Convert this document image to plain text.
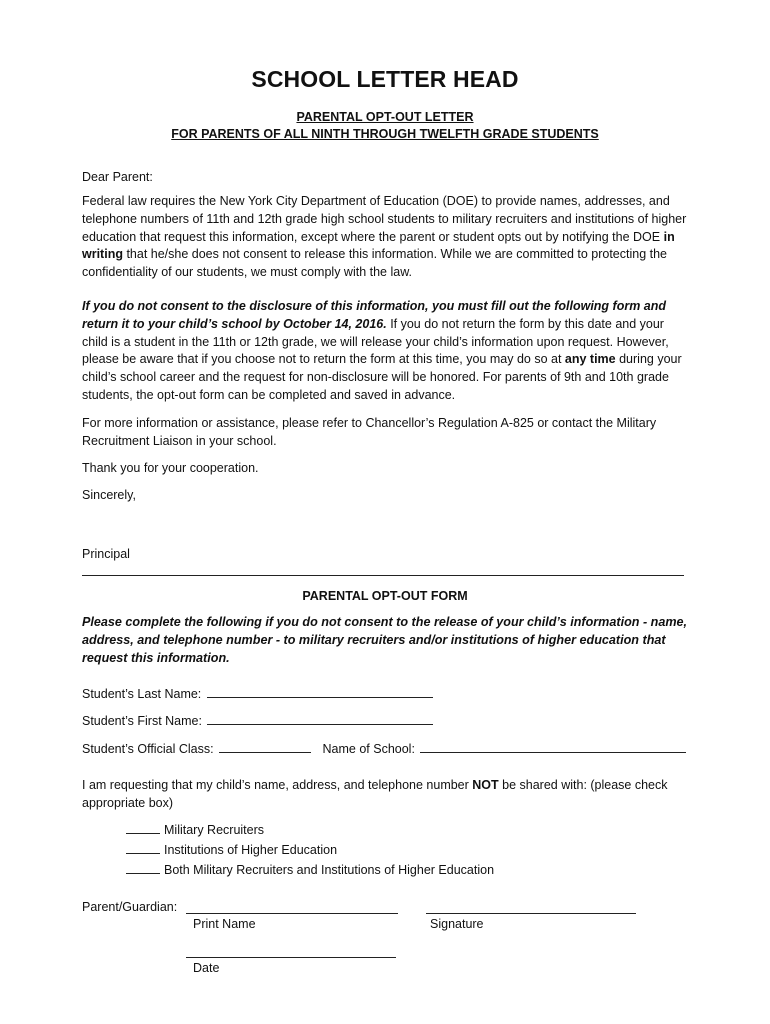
SCHOOL LETTER HEAD
PARENTAL OPT-OUT LETTER
FOR PARENTS OF ALL NINTH THROUGH TWELFTH GRADE STUDENTS
Dear Parent:
Federal law requires the New York City Department of Education (DOE) to provide names, addresses, and telephone numbers of 11th and 12th grade high school students to military recruiters and institutions of higher education that request this information, except where the parent or student opts out by notifying the DOE in writing that he/she does not consent to release this information. While we are committed to protecting the confidentiality of our students, we must comply with the law.
If you do not consent to the disclosure of this information, you must fill out the following form and return it to your child’s school by October 14, 2016. If you do not return the form by this date and your child is a student in the 11th or 12th grade, we will release your child’s information upon request. However, please be aware that if you choose not to return the form at this time, you may do so at any time during your child’s school career and the request for non-disclosure will be honored. For parents of 9th and 10th grade students, the opt-out form can be completed and saved in advance.
For more information or assistance, please refer to Chancellor’s Regulation A-825 or contact the Military Recruitment Liaison in your school.
Thank you for your cooperation.
Sincerely,
Principal
PARENTAL OPT-OUT FORM
Please complete the following if you do not consent to the release of your child’s information - name, address, and telephone number - to military recruiters and/or institutions of higher education that request this information.
Student’s Last Name:
Student’s First Name:
Student’s Official Class:	Name of School:
I am requesting that my child’s name, address, and telephone number NOT be shared with: (please check appropriate box)
Military Recruiters
Institutions of Higher Education
Both Military Recruiters and Institutions of Higher Education
Parent/Guardian:
Print Name	Signature
Date
